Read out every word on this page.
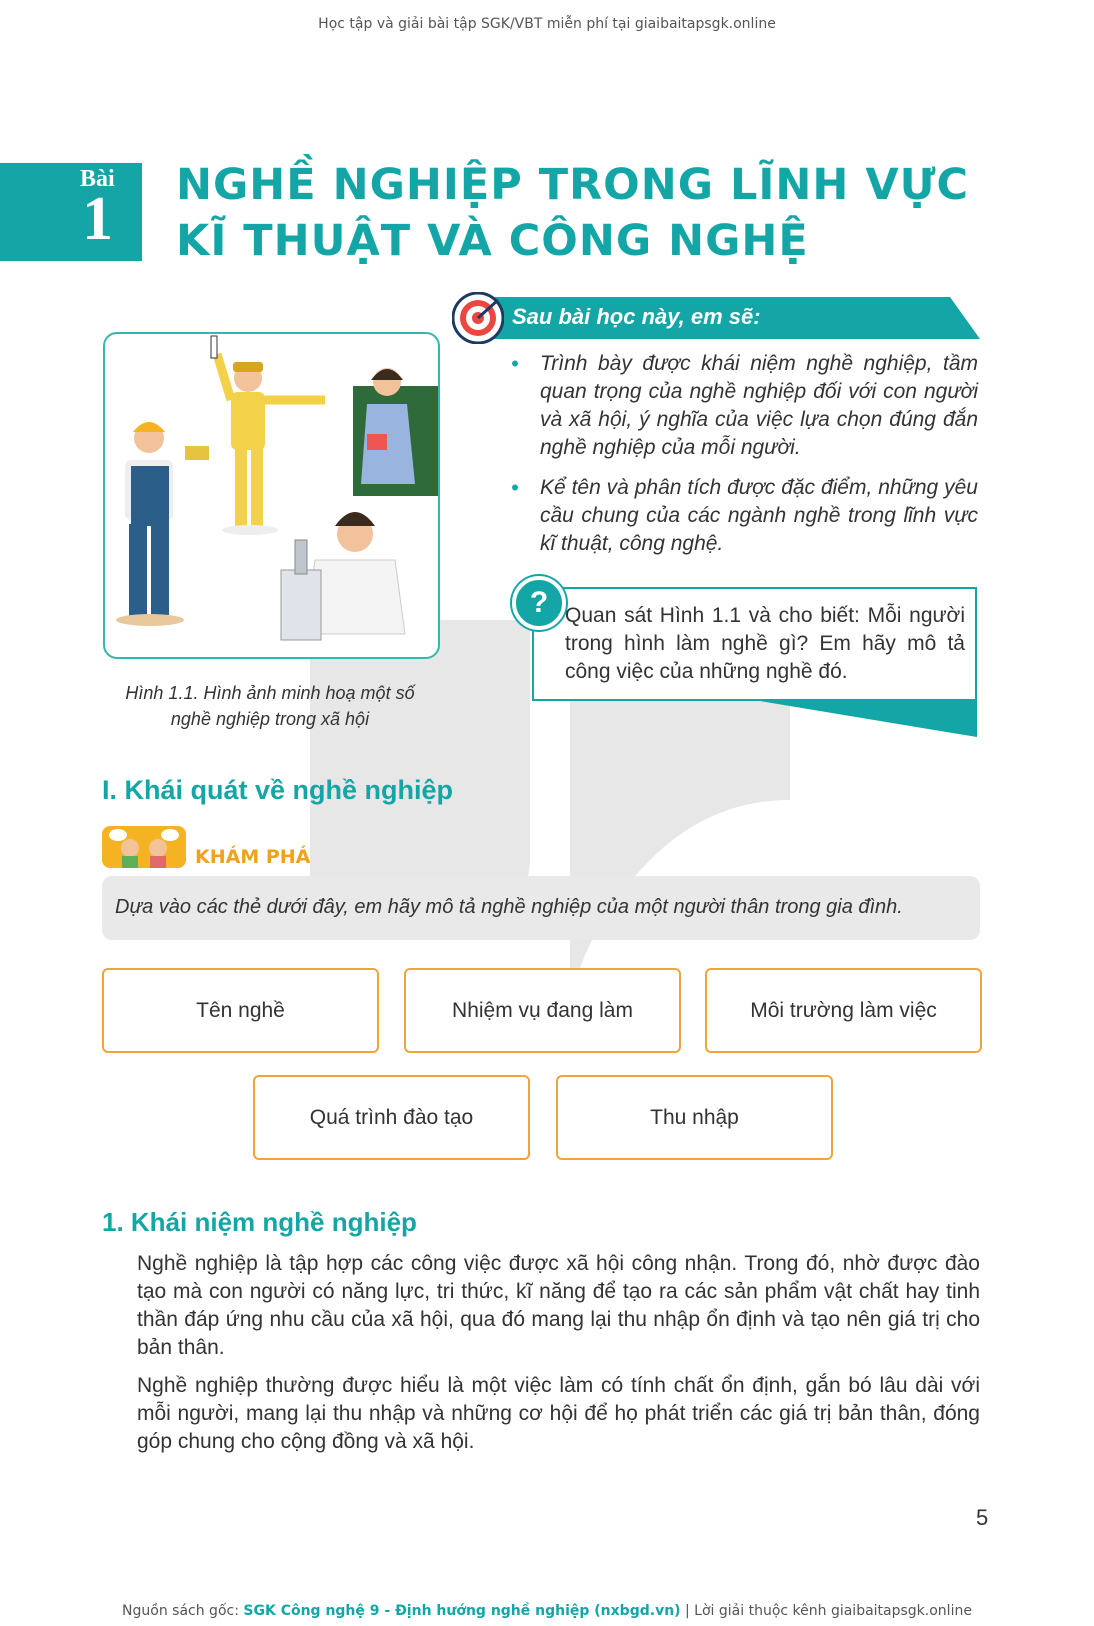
Học tập và giải bài tập SGK/VBT miễn phí tại giaibaitapsgk.online
Bài
1 NGHỀ NGHIỆP TRONG LĨNH VỰC
KĨ THUẬT VÀ CÔNG NGHỆ
Hình 1.1. Hình ảnh minh hoạ một số
nghề nghiệp trong xã hội
Sau bài học này, em sẽ:
• Trình bày được khái niệm nghề nghiệp, tầm quan trọng của nghề nghiệp đối với con người và xã hội, ý nghĩa của việc lựa chọn đúng đắn nghề nghiệp của mỗi người.
• Kể tên và phân tích được đặc điểm, những yêu cầu chung của các ngành nghề trong lĩnh vực kĩ thuật, công nghệ.
? Quan sát Hình 1.1 và cho biết: Mỗi người trong hình làm nghề gì? Em hãy mô tả công việc của những nghề đó.
I. Khái quát về nghề nghiệp
KHÁM PHÁ
Dựa vào các thẻ dưới đây, em hãy mô tả nghề nghiệp của một người thân trong gia đình.
Tên nghề	Nhiệm vụ đang làm	Môi trường làm việc
Quá trình đào tạo	Thu nhập
1. Khái niệm nghề nghiệp
Nghề nghiệp là tập hợp các công việc được xã hội công nhận. Trong đó, nhờ được đào tạo mà con người có năng lực, tri thức, kĩ năng để tạo ra các sản phẩm vật chất hay tinh thần đáp ứng nhu cầu của xã hội, qua đó mang lại thu nhập ổn định và tạo nên giá trị cho bản thân.
Nghề nghiệp thường được hiểu là một việc làm có tính chất ổn định, gắn bó lâu dài với mỗi người, mang lại thu nhập và những cơ hội để họ phát triển các giá trị bản thân, đóng góp chung cho cộng đồng và xã hội.
5
Nguồn sách gốc: SGK Công nghệ 9 - Định hướng nghề nghiệp (nxbgd.vn) | Lời giải thuộc kênh giaibaitapsgk.online
